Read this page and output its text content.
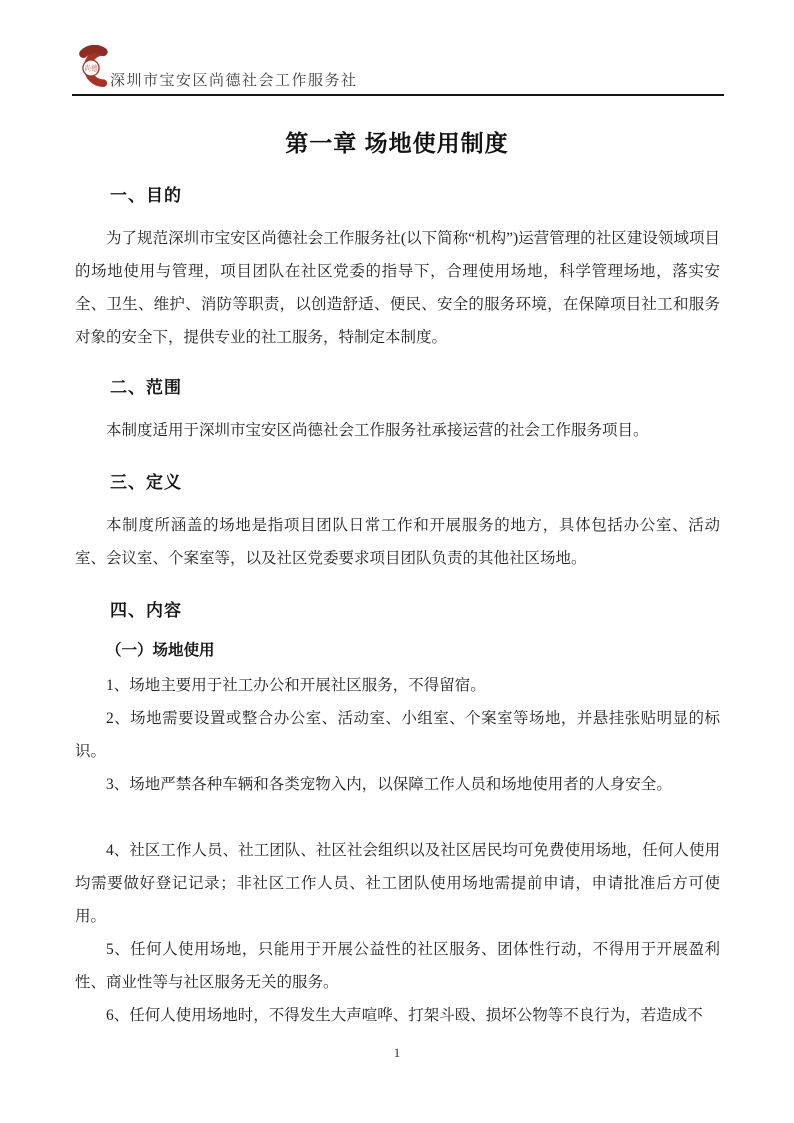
尚德
深圳市宝安区尚德社会工作服务社
第一章 场地使用制度
一、目的

为了规范深圳市宝安区尚德社会工作服务社(以下简称“机构”)运营管理的社区建设领域项目的场地使用与管理，项目团队在社区党委的指导下，合理使用场地，科学管理场地，落实安全、卫生、维护、消防等职责，以创造舒适、便民、安全的服务环境，在保障项目社工和服务对象的安全下，提供专业的社工服务，特制定本制度。

二、范围

本制度适用于深圳市宝安区尚德社会工作服务社承接运营的社会工作服务项目。

三、定义

本制度所涵盖的场地是指项目团队日常工作和开展服务的地方，具体包括办公室、活动室、会议室、个案室等，以及社区党委要求项目团队负责的其他社区场地。

四、内容
（一）场地使用

1、场地主要用于社工办公和开展社区服务，不得留宿。

2、场地需要设置或整合办公室、活动室、小组室、个案室等场地，并悬挂张贴明显的标识。

3、场地严禁各种车辆和各类宠物入内，以保障工作人员和场地使用者的人身安全。

4、社区工作人员、社工团队、社区社会组织以及社区居民均可免费使用场地，任何人使用均需要做好登记记录；非社区工作人员、社工团队使用场地需提前申请，申请批准后方可使用。

5、任何人使用场地，只能用于开展公益性的社区服务、团体性行动，不得用于开展盈利性、商业性等与社区服务无关的服务。

6、任何人使用场地时，不得发生大声喧哗、打架斗殴、损坏公物等不良行为，若造成不

1
